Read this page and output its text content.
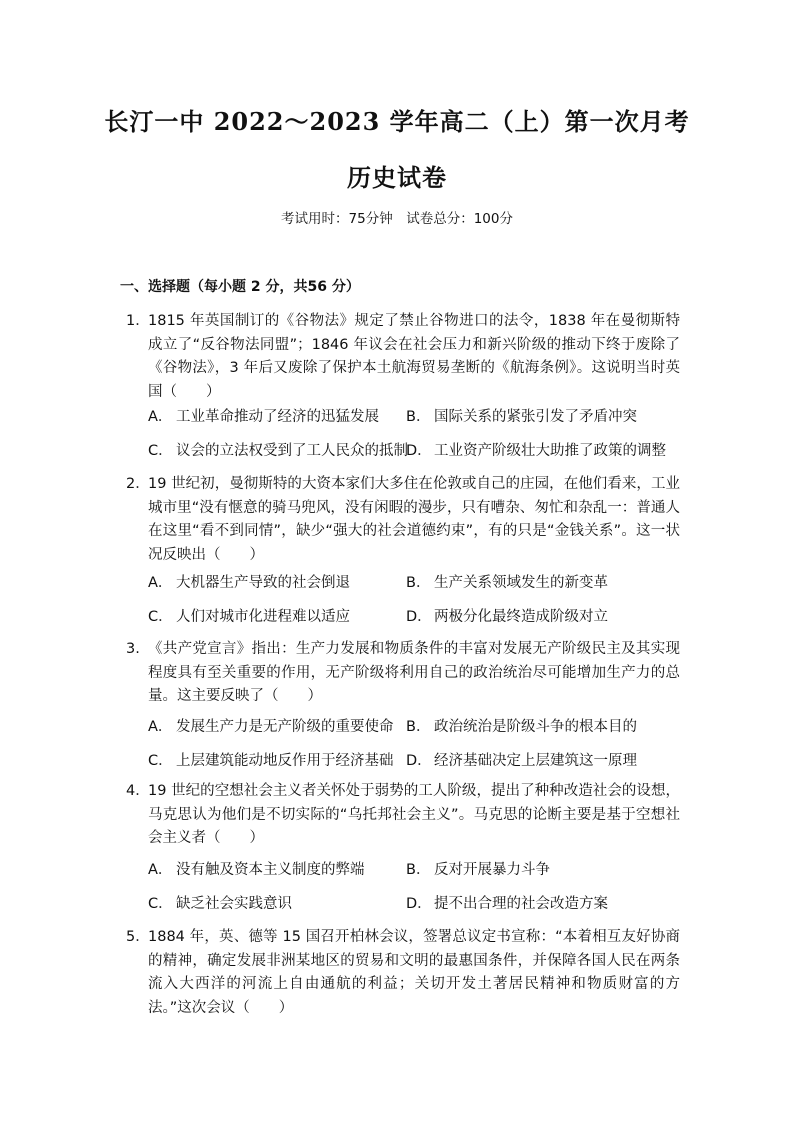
长汀一中 2022～2023 学年高二（上）第一次月考
历史试卷
考试用时：75分钟　试卷总分：100分
一、选择题（每小题 2 分，共56 分）
1．
1815 年英国制订的《谷物法》规定了禁止谷物进口的法令，1838 年在曼彻斯特成立了“反谷物法同盟”；1846 年议会在社会压力和新兴阶级的推动下终于废除了《谷物法》，3 年后又废除了保护本土航海贸易垄断的《航海条例》。这说明当时英国（　　）
A． 工业革命推动了经济的迅猛发展 B． 国际关系的紧张引发了矛盾冲突
C． 议会的立法权受到了工人民众的抵制
D． 工业资产阶级壮大助推了政策的调整
2．
19 世纪初，曼彻斯特的大资本家们大多住在伦敦或自己的庄园，在他们看来，工业城市里“没有惬意的骑马兜风，没有闲暇的漫步，只有嘈杂、匆忙和杂乱一：普通人在这里“看不到同情”，缺少“强大的社会道德约束”，有的只是“金钱关系”。这一状况反映出（　　）
A． 大机器生产导致的社会倒退	B． 生产关系领域发生的新变革
C． 人们对城市化进程难以适应	D． 两极分化最终造成阶级对立
3. 《共产党宣言》指出：生产力发展和物质条件的丰富对发展无产阶级民主及其实现程度具有至关重要的作用，无产阶级将利用自己的政治统治尽可能增加生产力的总量。这主要反映了（　　）
A． 发展生产力是无产阶级的重要使命 B． 政治统治是阶级斗争的根本目的
C． 上层建筑能动地反作用于经济基础 D． 经济基础决定上层建筑这一原理
4．
19 世纪的空想社会主义者关怀处于弱势的工人阶级，提出了种种改造社会的设想，马克思认为他们是不切实际的“乌托邦社会主义”。马克思的论断主要是基于空想社会主义者（　　）
A． 没有触及资本主义制度的弊端	B． 反对开展暴力斗争
C． 缺乏社会实践意识	D． 提不出合理的社会改造方案
5．
1884 年，英、德等 15 国召开柏林会议，签署总议定书宣称：“本着相互友好协商的精神，确定发展非洲某地区的贸易和文明的最惠国条件，并保障各国人民在两条流入大西洋的河流上自由通航的利益；关切开发土著居民精神和物质财富的方法。”这次会议（　　）
